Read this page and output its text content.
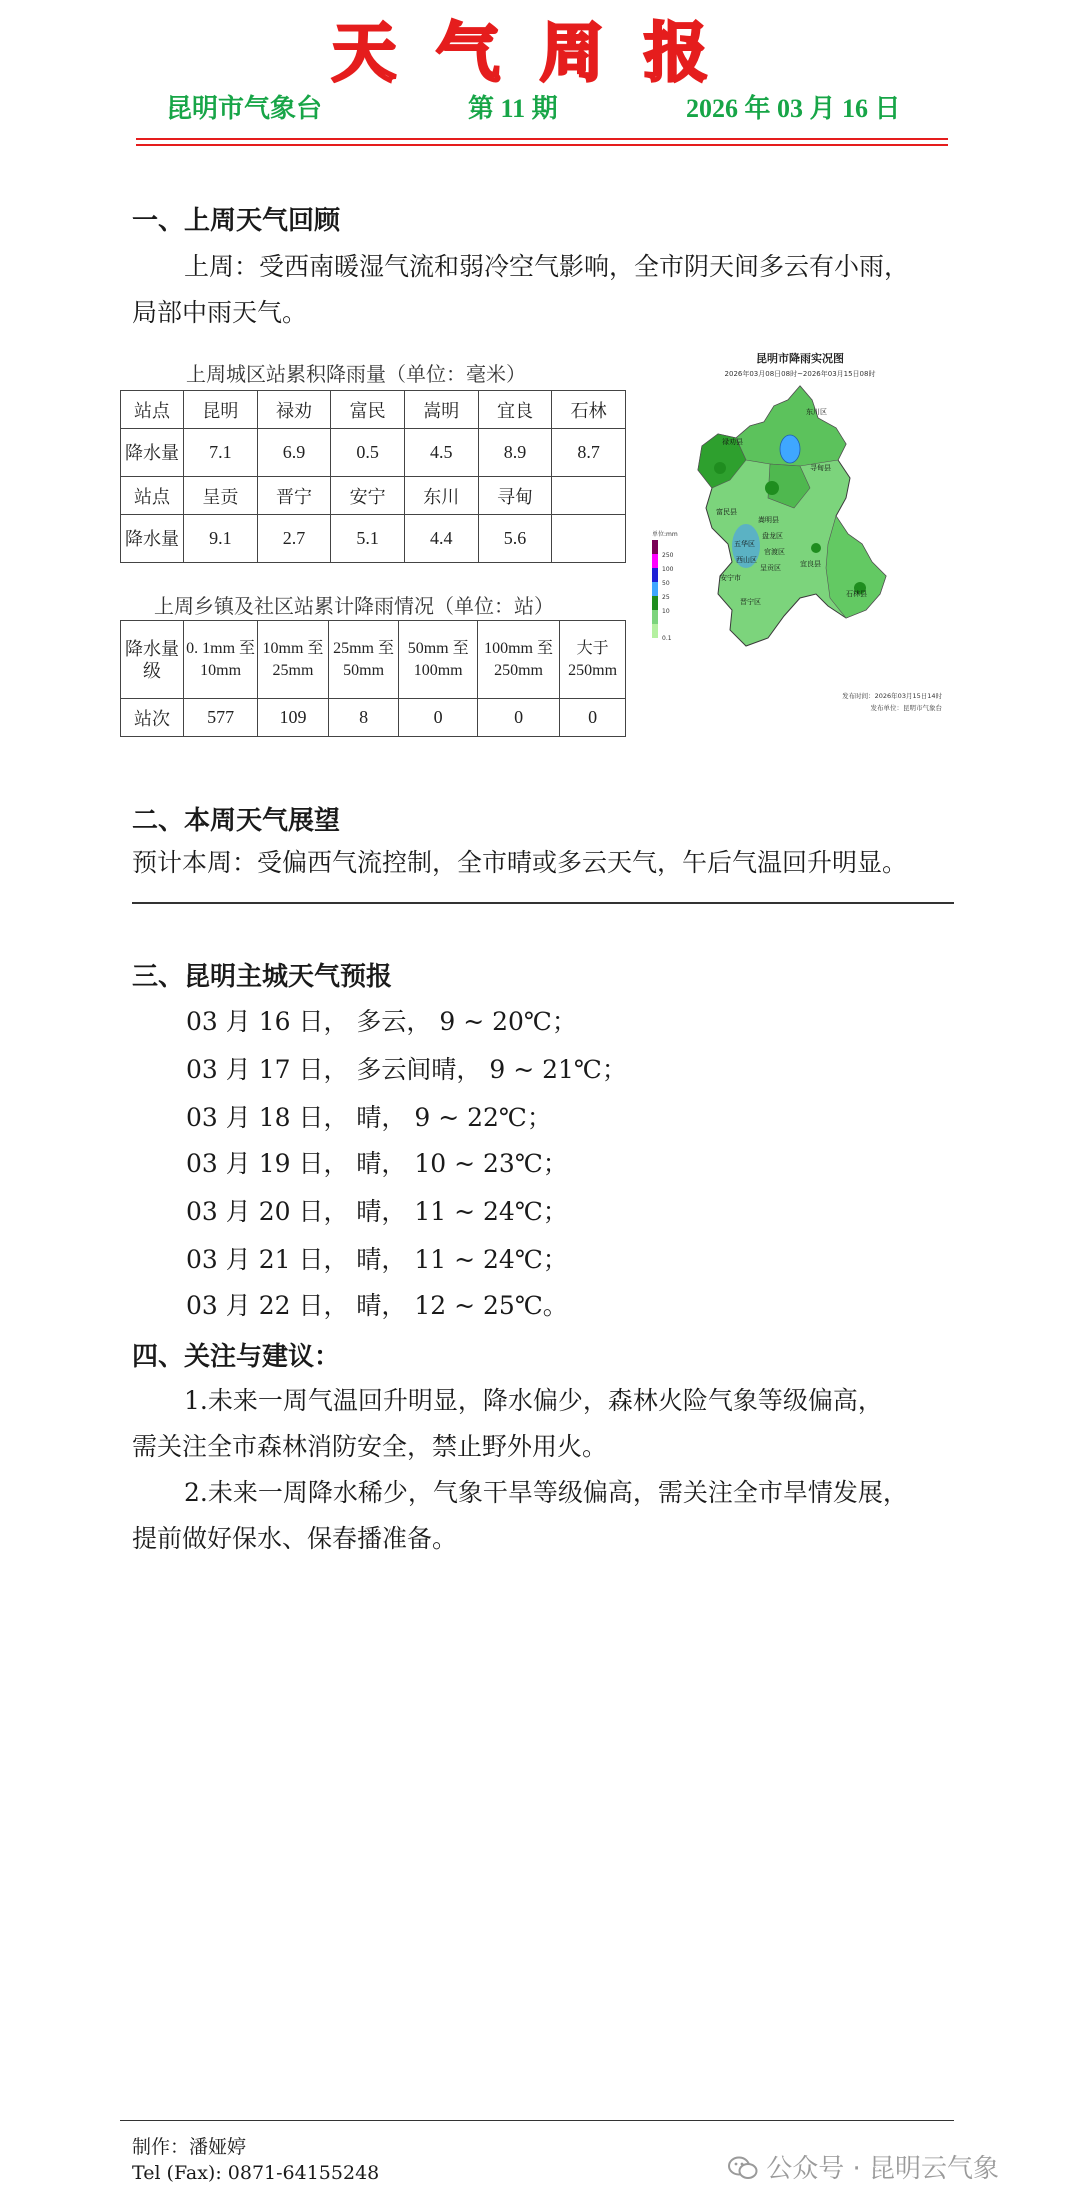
天气周报
昆明市气象台	第 11 期	2026 年 03 月 16 日
一、上周天气回顾
上周：受西南暖湿气流和弱冷空气影响，全市阴天间多云有小雨，
局部中雨天气。
上周城区站累积降雨量（单位：毫米）
站点	昆明	禄劝	富民	嵩明	宜良	石林
降水量	7.1	6.9	0.5	4.5	8.9	8.7
站点	呈贡	晋宁	安宁	东川	寻甸	
降水量	9.1	2.7	5.1	4.4	5.6	
上周乡镇及社区站累计降雨情况（单位：站）
降水量级	0. 1mm 至 10mm	10mm 至 25mm	25mm 至 50mm	50mm 至 100mm	100mm 至 250mm	大于 250mm
站次	577	109	8	0	0	0
昆明市降雨实况图
2026年03月08日08时~2026年03月15日08时
禄劝县
寻甸县
嵩明县
富民县
盘龙区
五华区
官渡区
西山区
呈贡区	宜良县
安宁市
晋宁区
石林县
东川区
单位:mm
250
100
50
25
10
0.1
发布时间：2026年03月15日14时
发布单位：昆明市气象台
二、本周天气展望
预计本周：受偏西气流控制，全市晴或多云天气，午后气温回升明显。
三、昆明主城天气预报
03 月 16 日， 多云， 9 ~ 20℃；
03 月 17 日， 多云间晴， 9 ~ 21℃；
03 月 18 日， 晴， 9 ~ 22℃；
03 月 19 日， 晴， 10 ~ 23℃；
03 月 20 日， 晴， 11 ~ 24℃；
03 月 21 日， 晴， 11 ~ 24℃；
03 月 22 日， 晴， 12 ~ 25℃。
四、关注与建议：
1.未来一周气温回升明显，降水偏少，森林火险气象等级偏高，
需关注全市森林消防安全，禁止野外用火。
2.未来一周降水稀少，气象干旱等级偏高，需关注全市旱情发展，
提前做好保水、保春播准备。
制作：潘娅婷
Tel (Fax): 0871-64155248	公众号 · 昆明云气象
